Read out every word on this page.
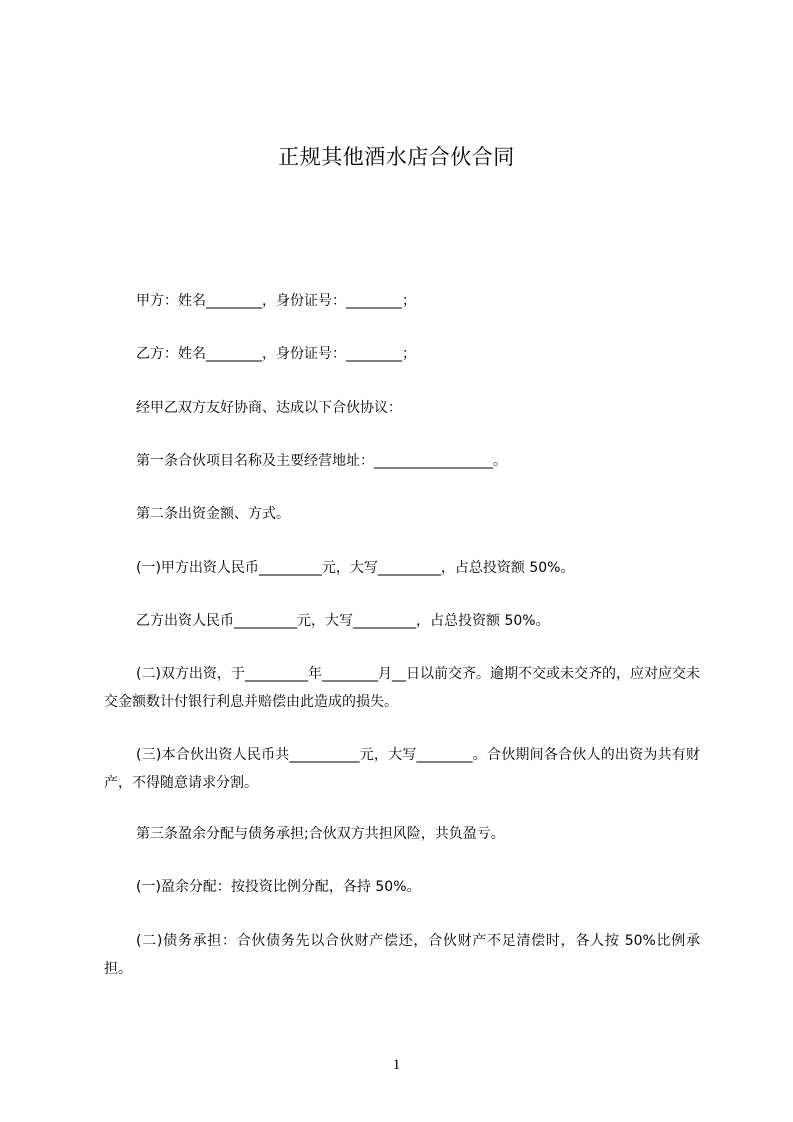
正规其他酒水店合伙合同
甲方：姓名________，身份证号：________；
乙方：姓名________，身份证号：________；
经甲乙双方友好协商、达成以下合伙协议：
第一条合伙项目名称及主要经营地址：_________________。
第二条出资金额、方式。
(一)甲方出资人民币_________元，大写_________，占总投资额 50%。
乙方出资人民币_________元，大写_________，占总投资额 50%。
(二)双方出资，于_________年________月__日以前交齐。逾期不交或未交齐的，应对应交未交金额数计付银行利息并赔偿由此造成的损失。
(三)本合伙出资人民币共__________元，大写________。合伙期间各合伙人的出资为共有财产，不得随意请求分割。
第三条盈余分配与债务承担;合伙双方共担风险，共负盈亏。
(一)盈余分配：按投资比例分配，各持 50%。
(二)债务承担：合伙债务先以合伙财产偿还，合伙财产不足清偿时，各人按 50%比例承担。
1
